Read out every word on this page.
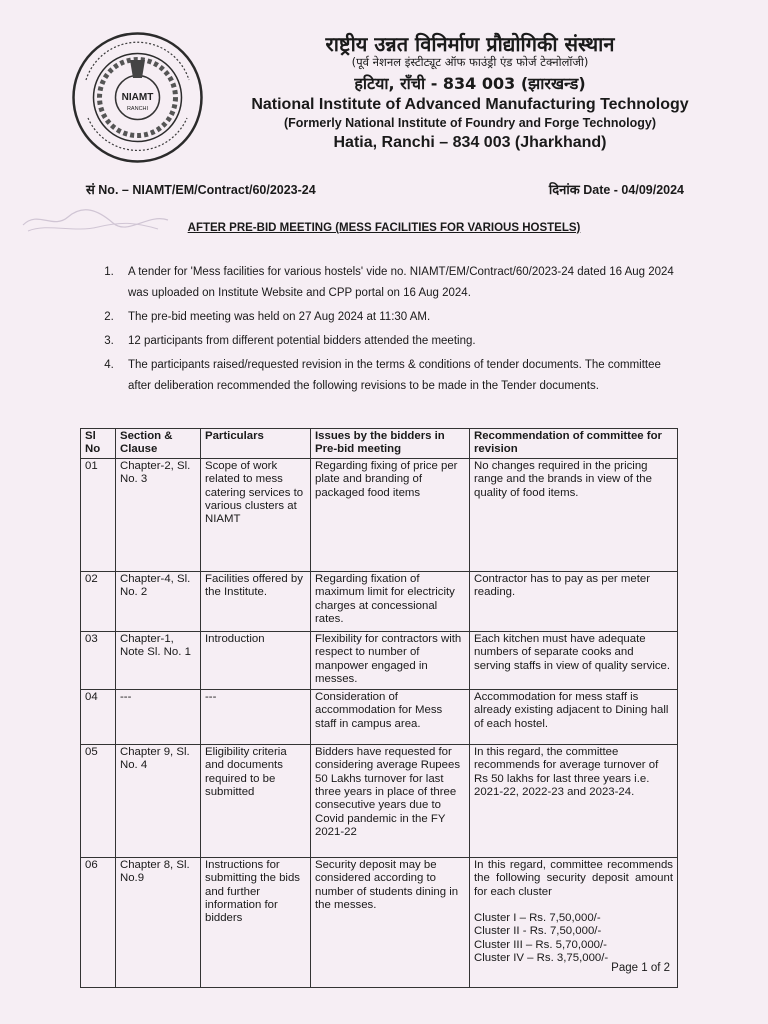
NIAMT
RANCHI
राष्ट्रीय उन्नत विनिर्माण प्रौद्योगिकी संस्थान
(पूर्व नेशनल इंस्टीट्यूट ऑफ फाउंड्री एंड फोर्ज टेक्नोलॉजी)
हटिया, राँची - 834 003 (झारखन्ड)
National Institute of Advanced Manufacturing Technology
(Formerly National Institute of Foundry and Forge Technology)
Hatia, Ranchi – 834 003 (Jharkhand)
सं No. – NIAMT/EM/Contract/60/2023-24	दिनांक Date - 04/09/2024
AFTER PRE-BID MEETING (MESS FACILITIES FOR VARIOUS HOSTELS)
1.	A tender for 'Mess facilities for various hostels' vide no. NIAMT/EM/Contract/60/2023-24 dated 16 Aug 2024 was uploaded on Institute Website and CPP portal on 16 Aug 2024.
2.	The pre-bid meeting was held on 27 Aug 2024 at 11:30 AM.
3.	12 participants from different potential bidders attended the meeting.
4.	The participants raised/requested revision in the terms & conditions of tender documents. The committee after deliberation recommended the following revisions to be made in the Tender documents.
Sl No	Section & Clause	Particulars	Issues by the bidders in Pre-bid meeting	Recommendation of committee for revision
01	Chapter-2, Sl. No. 3	Scope of work related to mess catering services to various clusters at NIAMT	Regarding fixing of price per plate and branding of packaged food items	No changes required in the pricing range and the brands in view of the quality of food items.
02	Chapter-4, Sl. No. 2	Facilities offered by the Institute.	Regarding fixation of maximum limit for electricity charges at concessional rates.	Contractor has to pay as per meter reading.
03	Chapter-1, Note Sl. No. 1	Introduction	Flexibility for contractors with respect to number of manpower engaged in messes.	Each kitchen must have adequate numbers of separate cooks and serving staffs in view of quality service.
04	---	---	Consideration of accommodation for Mess staff in campus area.	Accommodation for mess staff is already existing adjacent to Dining hall of each hostel.
05	Chapter 9, Sl. No. 4	Eligibility criteria and documents required to be submitted	Bidders have requested for considering average Rupees 50 Lakhs turnover for last three years in place of three consecutive years due to Covid pandemic in the FY 2021-22	In this regard, the committee recommends for average turnover of Rs 50 lakhs for last three years i.e. 2021-22, 2022-23 and 2023-24.
06	Chapter 8, Sl. No.9	Instructions for submitting the bids and further information for bidders	Security deposit may be considered according to number of students dining in the messes.	In this regard, committee recommends the following security deposit amount for each cluster
Cluster I – Rs. 7,50,000/-
Cluster II - Rs. 7,50,000/-
Cluster III – Rs. 5,70,000/-
Cluster IV – Rs. 3,75,000/-
Page 1 of 2
